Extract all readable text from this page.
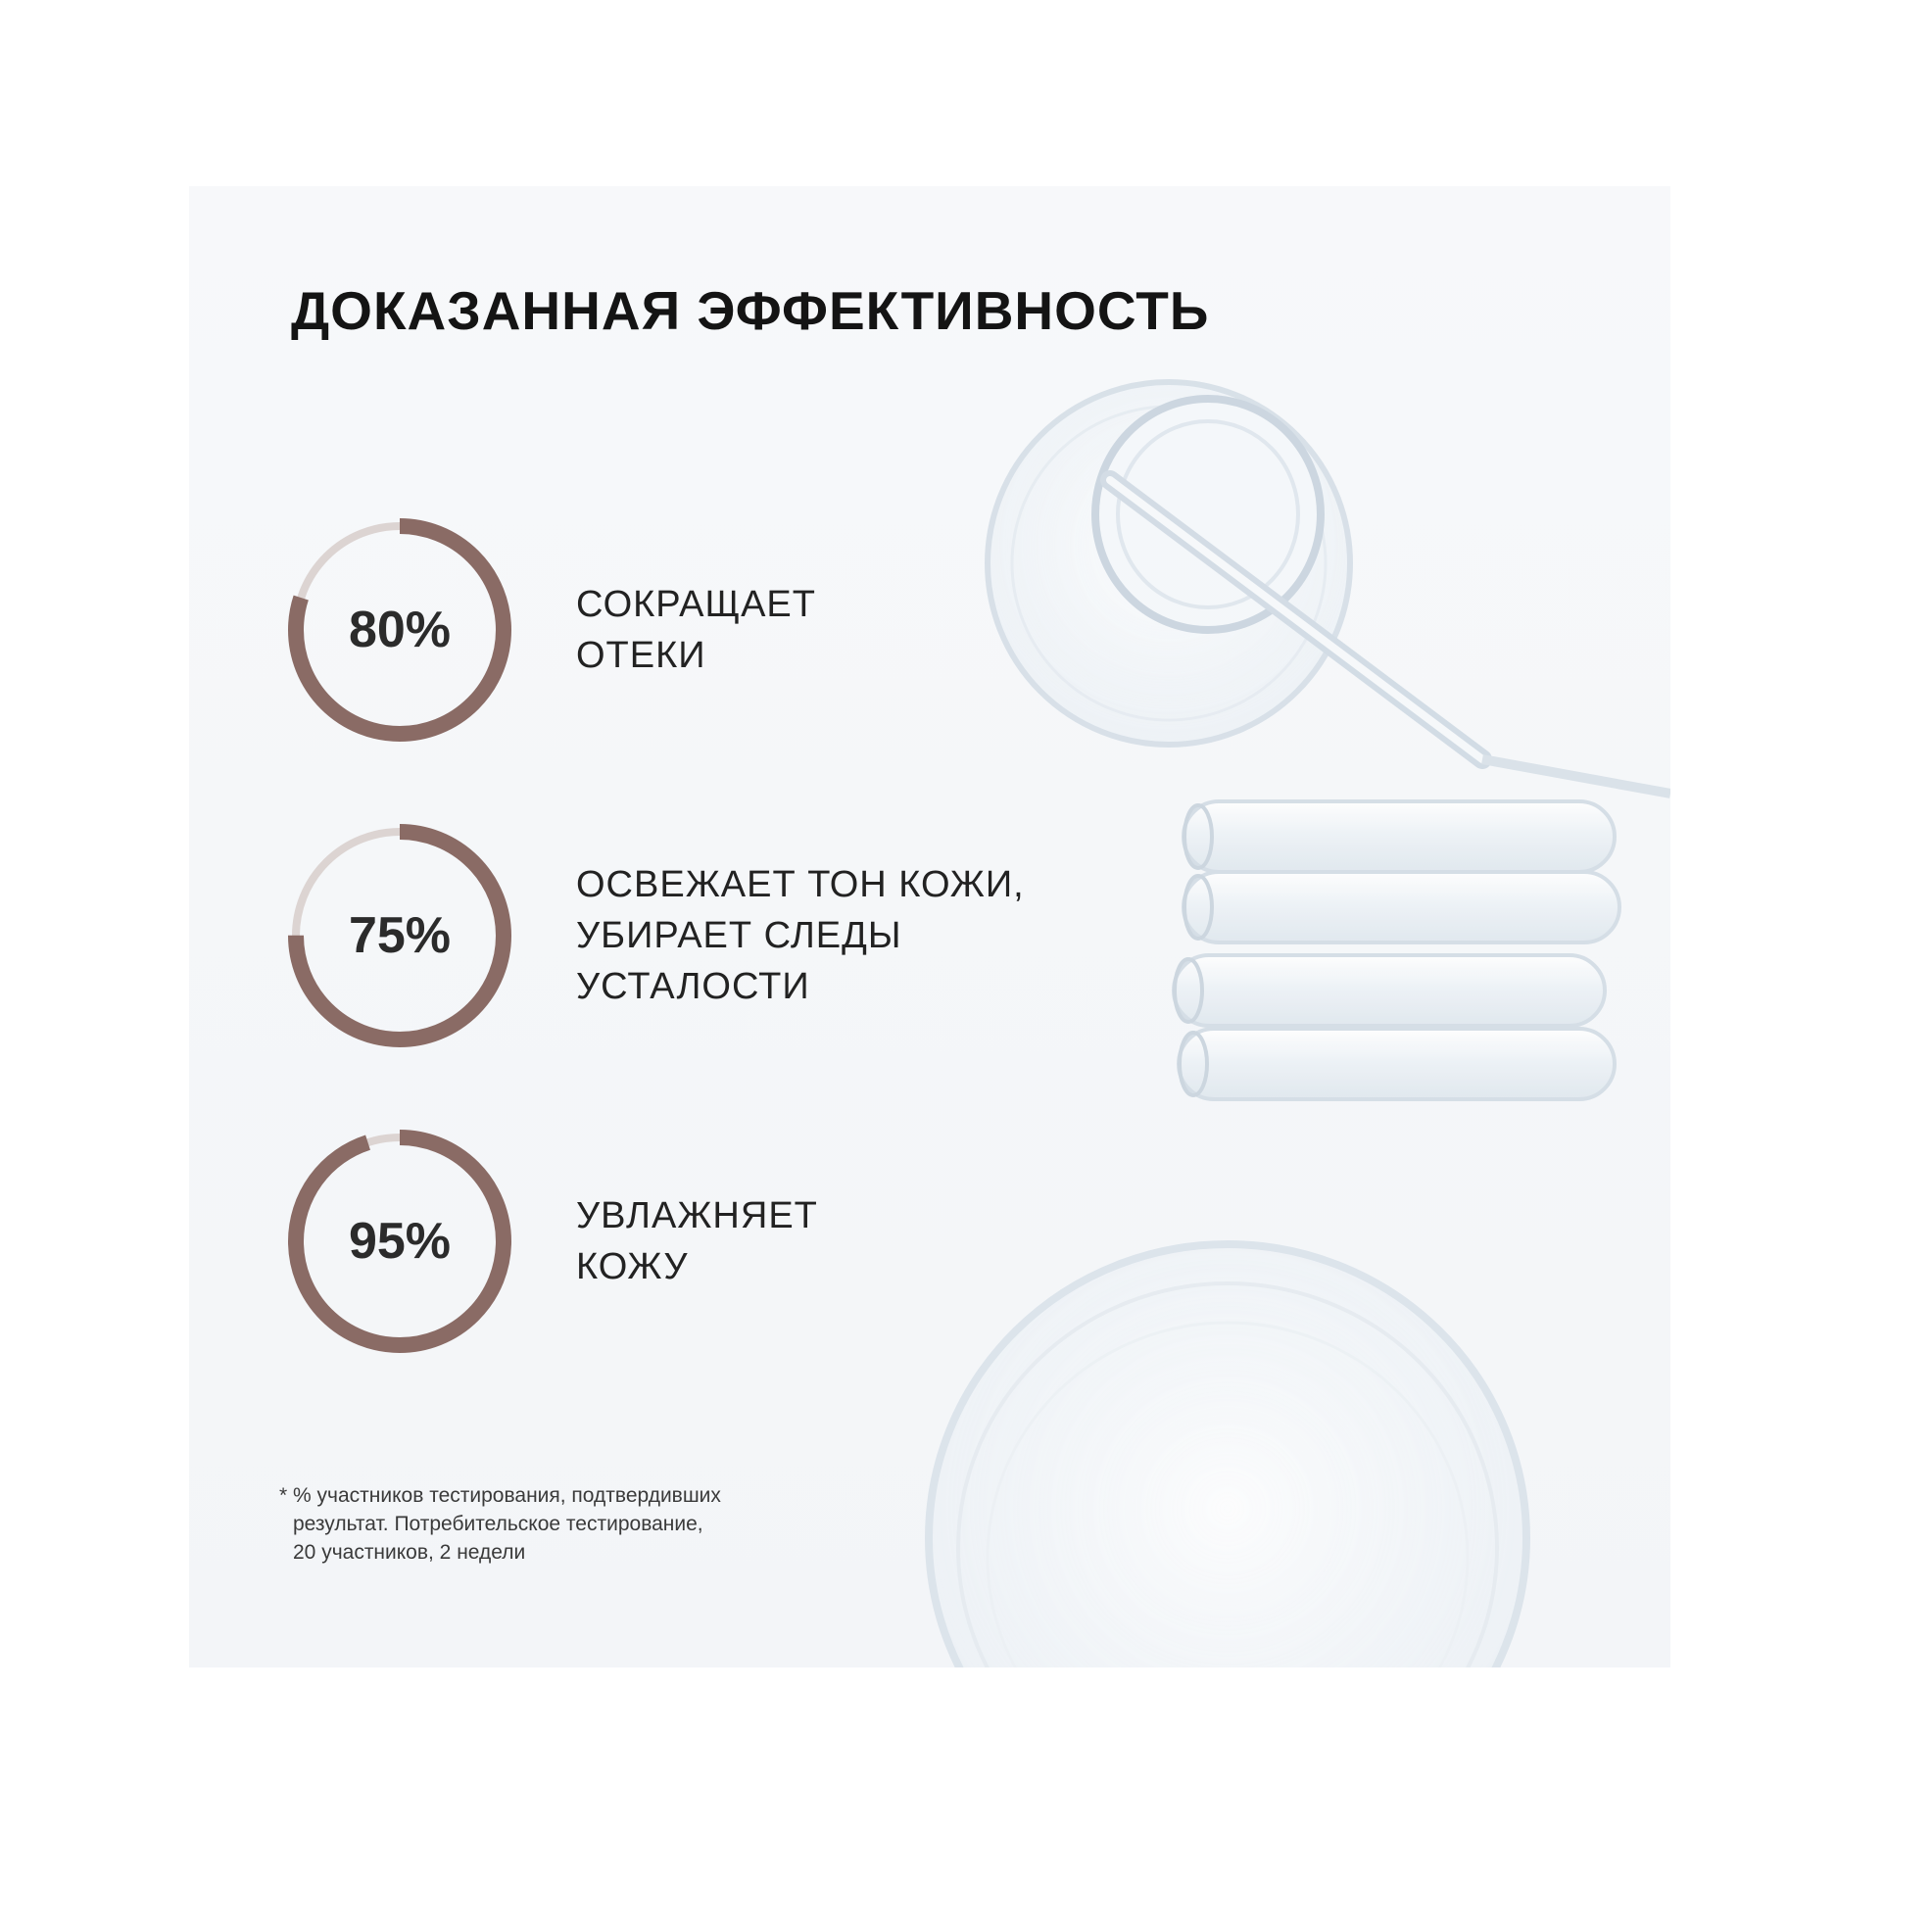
ДОКАЗАННАЯ ЭФФЕКТИВНОСТЬ
80%	СОКРАЩАЕТ
ОТЕКИ
75%
ОСВЕЖАЕТ ТОН КОЖИ,
УБИРАЕТ СЛЕДЫ
УСТАЛОСТИ
95%	УВЛАЖНЯЕТ
КОЖУ
* % участников тестирования, подтвердивших
результат. Потребительское тестирование,
20 участников, 2 недели
